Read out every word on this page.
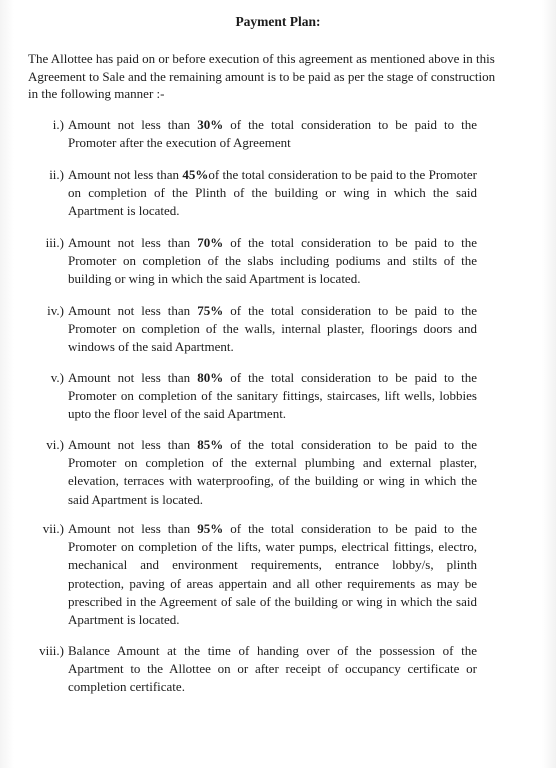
Payment Plan:
The Allottee has paid on or before execution of this agreement as mentioned above in this Agreement to Sale and the remaining amount is to be paid as per the stage of construction in the following manner :-
i.) Amount not less than 30% of the total consideration to be paid to the Promoter after the execution of Agreement
ii.) Amount not less than 45%of the total consideration to be paid to the Promoter on completion of the Plinth of the building or wing in which the said Apartment is located.
iii.) Amount not less than 70% of the total consideration to be paid to the Promoter on completion of the slabs including podiums and stilts of the building or wing in which the said Apartment is located.
iv.) Amount not less than 75% of the total consideration to be paid to the Promoter on completion of the walls, internal plaster, floorings doors and windows of the said Apartment.
v.) Amount not less than 80% of the total consideration to be paid to the Promoter on completion of the sanitary fittings, staircases, lift wells, lobbies upto the floor level of the said Apartment.
vi.) Amount not less than 85% of the total consideration to be paid to the Promoter on completion of the external plumbing and external plaster, elevation, terraces with waterproofing, of the building or wing in which the said Apartment is located.
vii.) Amount not less than 95% of the total consideration to be paid to the Promoter on completion of the lifts, water pumps, electrical fittings, electro, mechanical and environment requirements, entrance lobby/s, plinth protection, paving of areas appertain and all other requirements as may be prescribed in the Agreement of sale of the building or wing in which the said Apartment is located.
viii.) Balance Amount at the time of handing over of the possession of the Apartment to the Allottee on or after receipt of occupancy certificate or completion certificate.
